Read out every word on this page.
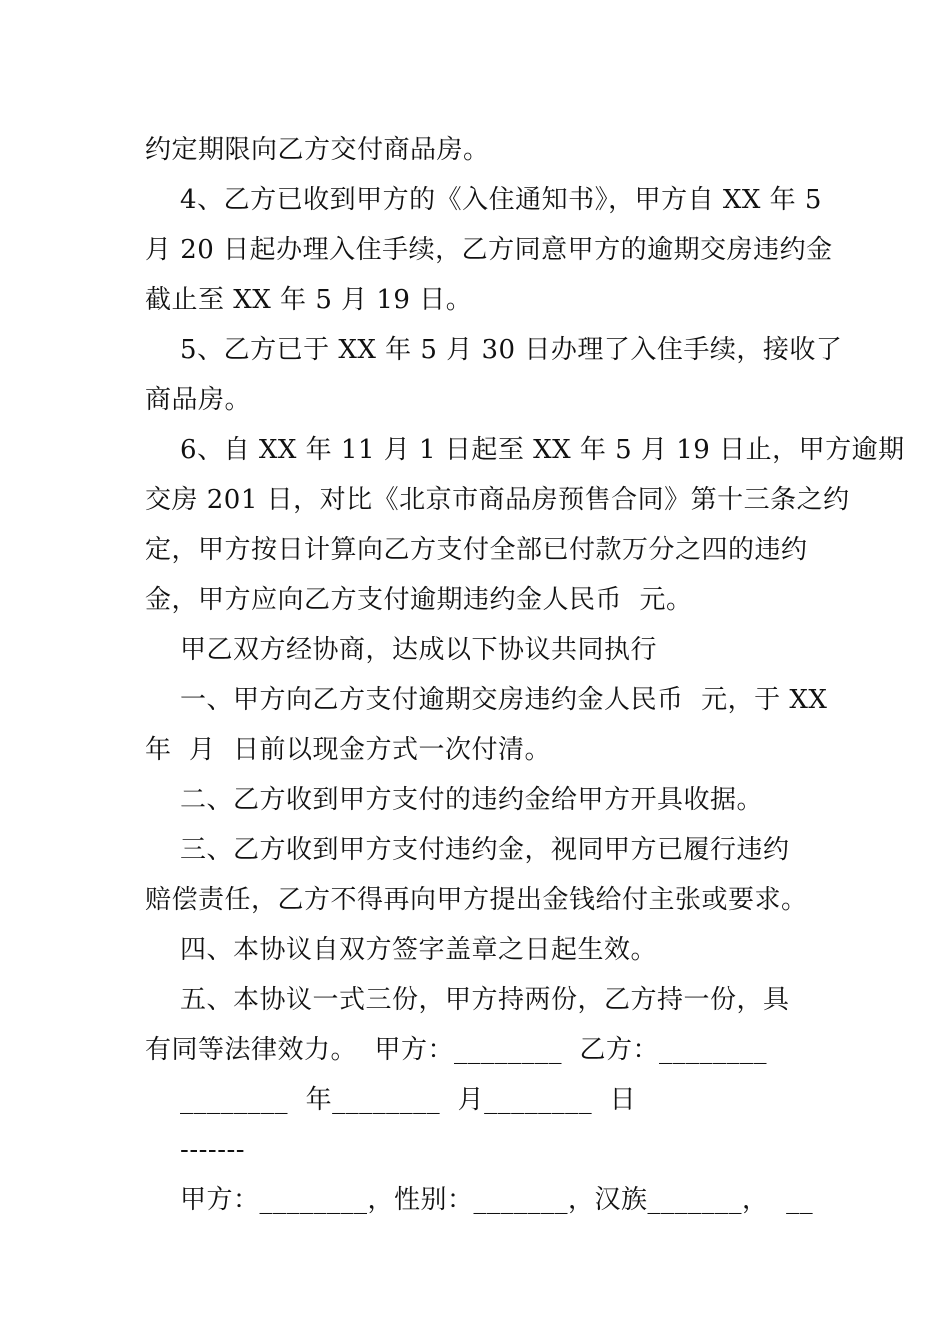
约定期限向乙方交付商品房。
4、乙方已收到甲方的《入住通知书》，甲方自 XX 年 5
月 20 日起办理入住手续，乙方同意甲方的逾期交房违约金
截止至 XX 年 5 月 19 日。
5、乙方已于 XX 年 5 月 30 日办理了入住手续，接收了
商品房。
6、自 XX 年 11 月 1 日起至 XX 年 5 月 19 日止，甲方逾期
交房 201 日，对比《北京市商品房预售合同》第十三条之约
定，甲方按日计算向乙方支付全部已付款万分之四的违约
金，甲方应向乙方支付逾期违约金人民币  元。
甲乙双方经协商，达成以下协议共同执行
一、甲方向乙方支付逾期交房违约金人民币  元，于 XX
年  月  日前以现金方式一次付清。
二、乙方收到甲方支付的违约金给甲方开具收据。
三、乙方收到甲方支付违约金，视同甲方已履行违约
赔偿责任，乙方不得再向甲方提出金钱给付主张或要求。
四、本协议自双方签字盖章之日起生效。
五、本协议一式三份，甲方持两份，乙方持一份，具
有同等法律效力。  甲方：________  乙方：________
________  年________  月________  日
-------
甲方：________，性别：_______，汉族_______，  __
